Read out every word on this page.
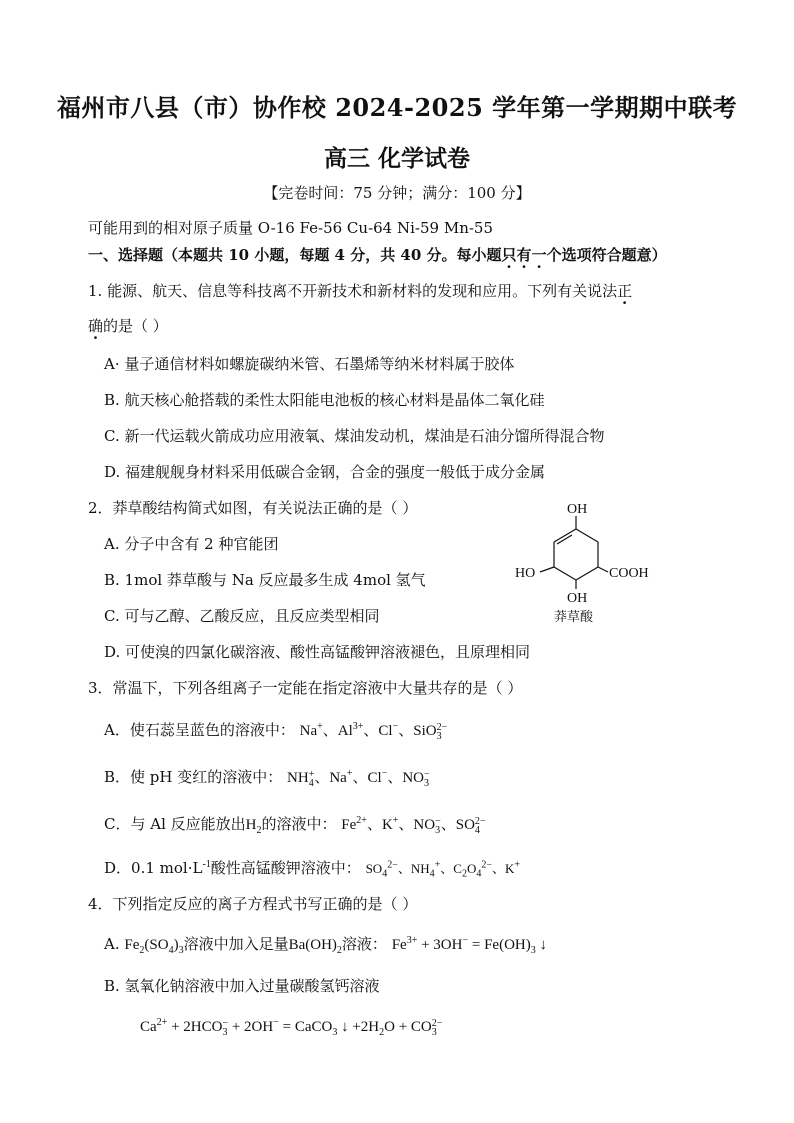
福州市八县（市）协作校 2024-2025 学年第一学期期中联考
高三 化学试卷
【完卷时间：75 分钟；满分：100 分】
可能用到的相对原子质量 O-16 Fe-56 Cu-64 Ni-59 Mn-55
一、选择题（本题共 10 小题，每题 4 分，共 40 分。每小题只有一个选项符合题意）
1. 能源、航天、信息等科技离不开新技术和新材料的发现和应用。下列有关说法正
确的是（ ）
A· 量子通信材料如螺旋碳纳米管、石墨烯等纳米材料属于胶体
B. 航天核心舱搭载的柔性太阳能电池板的核心材料是晶体二氧化硅
C. 新一代运载火箭成功应用液氧、煤油发动机，煤油是石油分馏所得混合物
D. 福建舰舰身材料采用低碳合金钢，合金的强度一般低于成分金属
2．莽草酸结构简式如图，有关说法正确的是（ ）
A. 分子中含有 2 种官能团
B. 1mol 莽草酸与 Na 反应最多生成 4mol 氢气
C. 可与乙醇、乙酸反应，且反应类型相同
D. 可使溴的四氯化碳溶液、酸性高锰酸钾溶液褪色，且原理相同
OH
HO	COOH
OH
莽草酸
3．常温下，下列各组离子一定能在指定溶液中大量共存的是（ ）
A．使石蕊呈蓝色的溶液中： Na+、$Al^{3+}$、Cl−、SiO 2−
3
B．使 pH 变红的溶液中： NH +
4 、Na+、Cl−、NO −
3
C．与 Al 反应能放出$H_2$的溶液中： $Fe^{2+}$、K+、NO −
3 、SO 2−
4
D．0.1 $mol\cdot L^{-1}$酸性高锰酸钾溶液中： $SO_4^{2-}$、$NH_4^+$、$C_2O_4^{2-}$、K+
4．下列指定反应的离子方程式书写正确的是（ ）
A. $Fe_2(SO_4)_3$溶液中加入足量$Ba(OH)_2$溶液： $Fe^{3+} + 3OH^- = Fe(OH)_3$ ↓
B. 氢氧化钠溶液中加入过量碳酸氢钙溶液
$Ca^{2+} + 2HCO$ −
3 + 2OH− = CaCO$_3$ ↓ $+2H_2O$ + CO 2−
3
